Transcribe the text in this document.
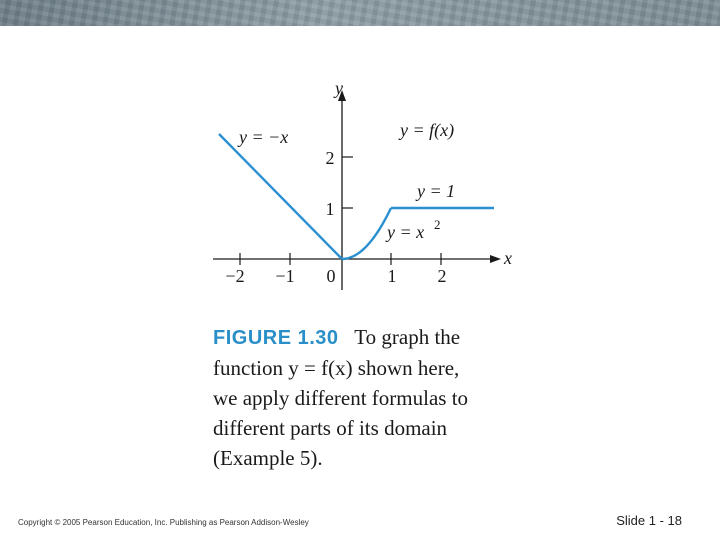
−2 −1 0	1 2
1
2
x
y
y = −x	y = f(x)
y = 1
y = x 2
FIGURE 1.30 To graph the
function y = f(x) shown here,
we apply different formulas to
different parts of its domain
(Example 5).
Copyright © 2005 Pearson Education, Inc. Publishing as Pearson Addison-Wesley	Slide 1 - 18
